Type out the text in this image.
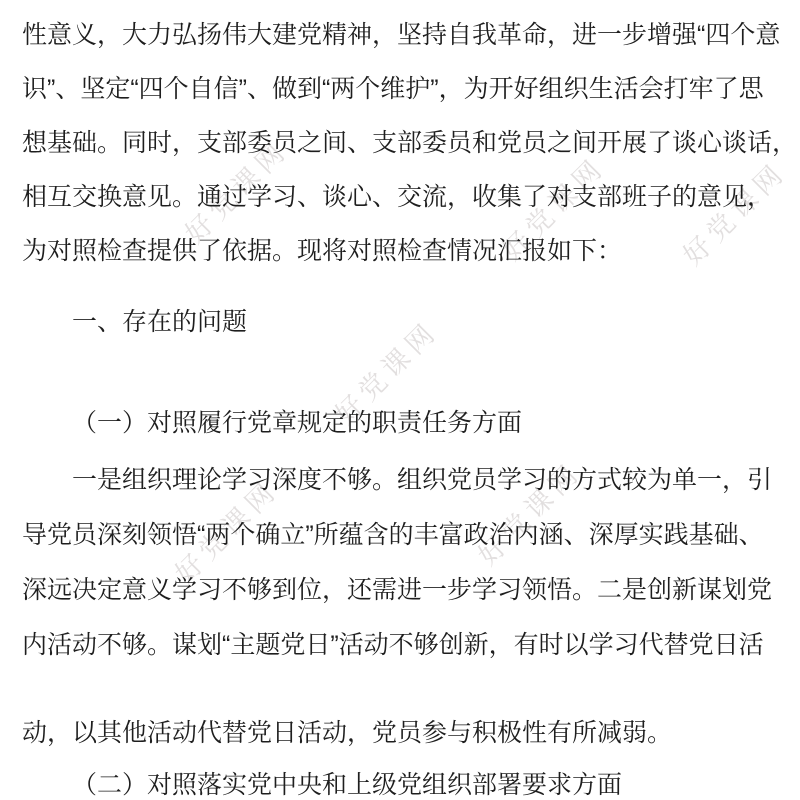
好党课网	好党课网 好党课网
好党课网
好党课网	好党课网
性意义，大力弘扬伟大建党精神，坚持自我革命，进一步增强“四个意
识”、坚定“四个自信”、做到“两个维护”，为开好组织生活会打牢了思
想基础。同时，支部委员之间、支部委员和党员之间开展了谈心谈话，
相互交换意见。通过学习、谈心、交流，收集了对支部班子的意见，
为对照检查提供了依据。现将对照检查情况汇报如下：
一、存在的问题
（一）对照履行党章规定的职责任务方面
一是组织理论学习深度不够。组织党员学习的方式较为单一，引
导党员深刻领悟“两个确立”所蕴含的丰富政治内涵、深厚实践基础、
深远决定意义学习不够到位，还需进一步学习领悟。二是创新谋划党
内活动不够。谋划“主题党日”活动不够创新，有时以学习代替党日活
动，以其他活动代替党日活动，党员参与积极性有所减弱。
（二）对照落实党中央和上级党组织部署要求方面
